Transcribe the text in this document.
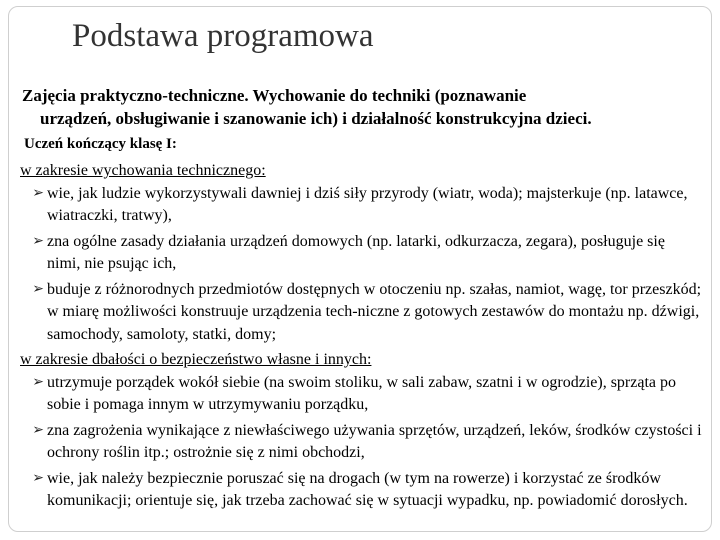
Podstawa programowa

Zajęcia praktyczno-techniczne. Wychowanie do techniki (poznawanie
urządzeń, obsługiwanie i szanowanie ich) i działalność konstrukcyjna dzieci.

Uczeń kończący klasę I:

w zakresie wychowania technicznego:

➢ wie, jak ludzie wykorzystywali dawniej i dziś siły przyrody (wiatr, woda); majsterkuje (np. latawce, wiatraczki, tratwy),
➢ zna ogólne zasady działania urządzeń domowych (np. latarki, odkurzacza, zegara), posługuje się nimi, nie psując ich,
➢ buduje z różnorodnych przedmiotów dostępnych w otoczeniu np. szałas, namiot, wagę, tor przeszkód; w miarę możliwości konstruuje urządzenia tech-niczne z gotowych zestawów do montażu np. dźwigi, samochody, samoloty, statki, domy;

w zakresie dbałości o bezpieczeństwo własne i innych:

➢ utrzymuje porządek wokół siebie (na swoim stoliku, w sali zabaw, szatni i w ogrodzie), sprząta po sobie i pomaga innym w utrzymywaniu porządku,
➢ zna zagrożenia wynikające z niewłaściwego używania sprzętów, urządzeń, leków, środków czystości i ochrony roślin itp.; ostrożnie się z nimi obchodzi,
➢ wie, jak należy bezpiecznie poruszać się na drogach (w tym na rowerze) i korzystać ze środków komunikacji; orientuje się, jak trzeba zachować się w sytuacji wypadku, np. powiadomić dorosłych.
